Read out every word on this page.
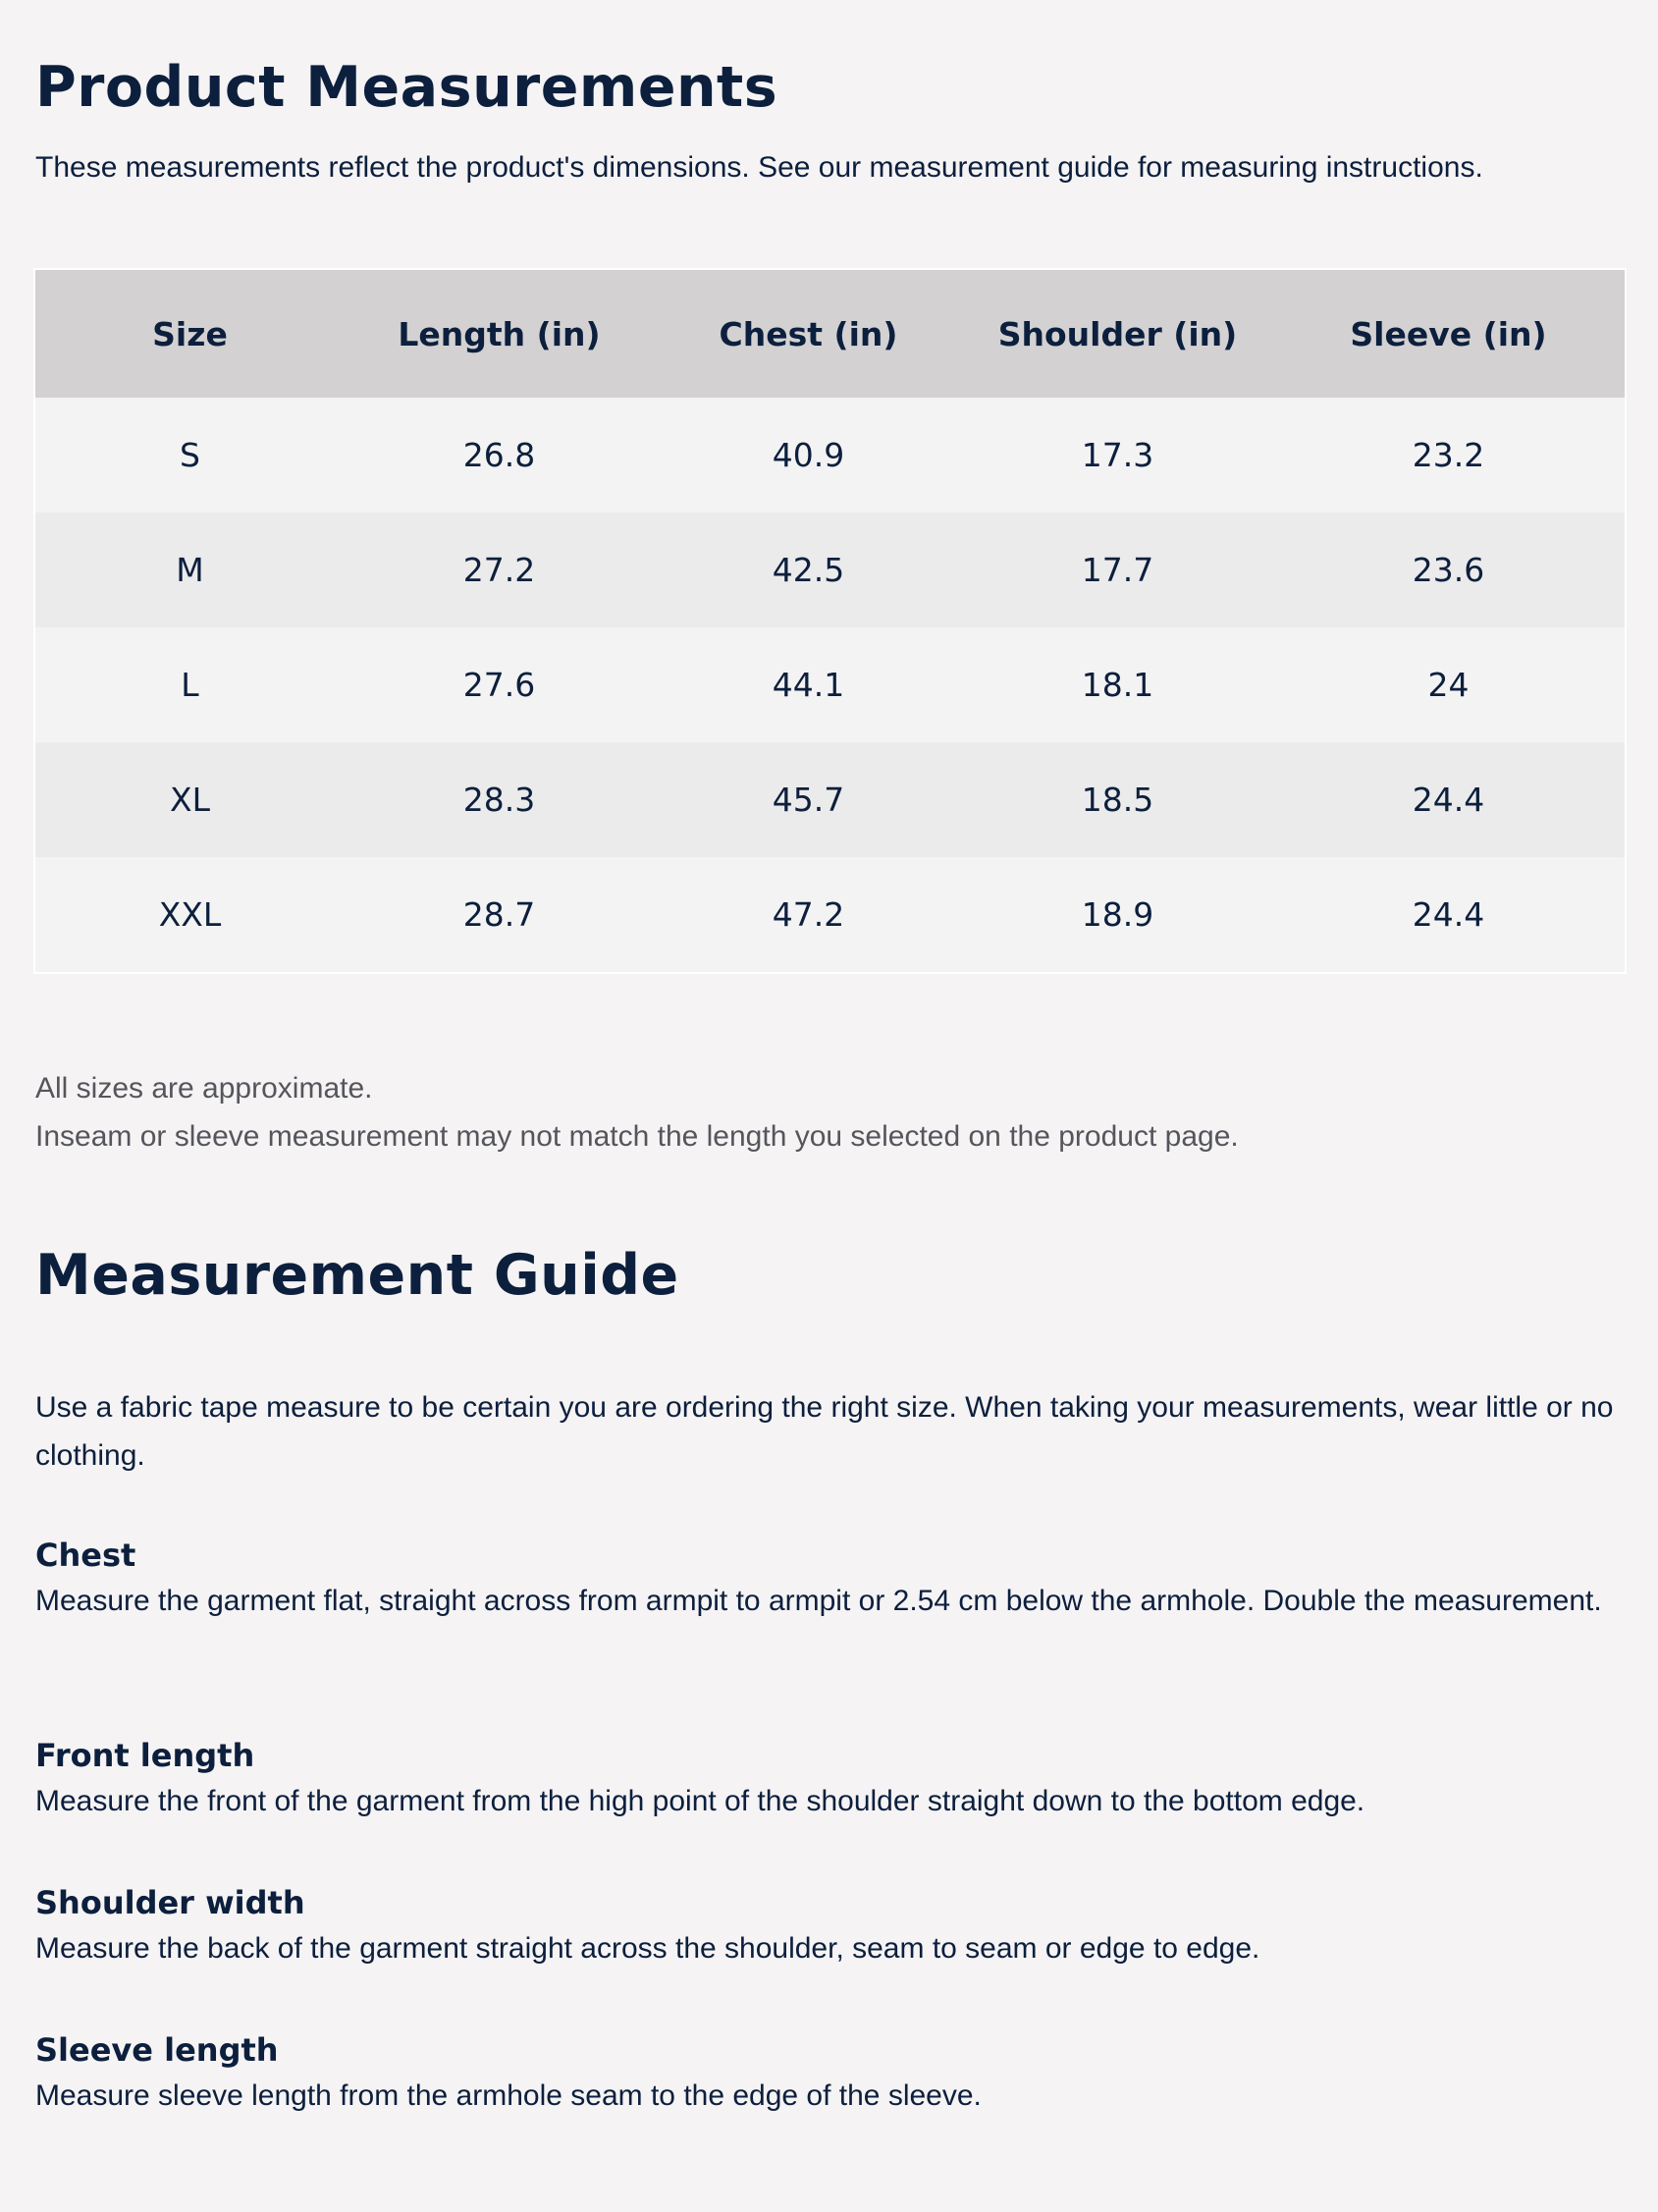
Product Measurements
These measurements reflect the product's dimensions. See our measurement guide for measuring instructions.
Size	Length (in)	Chest (in)	Shoulder (in)	Sleeve (in)
S	26.8	40.9	17.3	23.2
M	27.2	42.5	17.7	23.6
L	27.6	44.1	18.1	24
XL	28.3	45.7	18.5	24.4
XXL	28.7	47.2	18.9	24.4
All sizes are approximate.
Inseam or sleeve measurement may not match the length you selected on the product page.
Measurement Guide
Use a fabric tape measure to be certain you are ordering the right size. When taking your measurements, wear little or no clothing.
Chest
Measure the garment flat, straight across from armpit to armpit or 2.54 cm below the armhole. Double the measurement.
Front length
Measure the front of the garment from the high point of the shoulder straight down to the bottom edge.
Shoulder width
Measure the back of the garment straight across the shoulder, seam to seam or edge to edge.
Sleeve length
Measure sleeve length from the armhole seam to the edge of the sleeve.
